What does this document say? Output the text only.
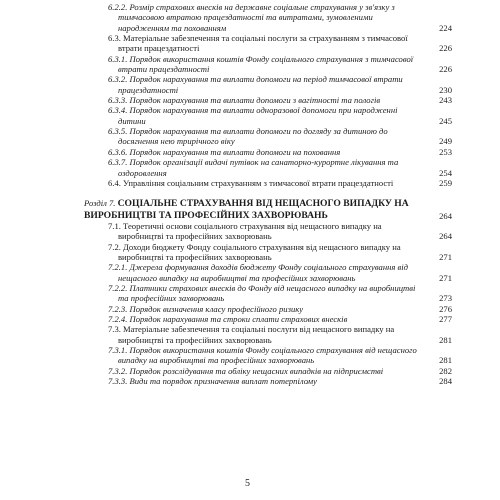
6.2.2. Розмір страхових внесків на державне соціальне страхування у зв'язку з тимчасовою втратою працездатності та витратами, зумовленими народженням та похованням	224
6.3. Матеріальне забезпечення та соціальні послуги за страхуванням з тимчасової втрати працездатності	226
6.3.1. Порядок використання коштів Фонду соціального страхування з тимчасової втрати працездатності	226
6.3.2. Порядок нарахування та виплати допомоги на період тимчасової втрати працездатності	230
6.3.3. Порядок нарахування та виплати допомоги з вагітності та пологів	243
6.3.4. Порядок нарахування та виплати одноразової допомоги при народженні дитини	245
6.3.5. Порядок нарахування та виплати допомоги по догляду за дитиною до досягнення нею трирічного віку	249
6.3.6. Порядок нарахування та виплати допомоги на поховання	253
6.3.7. Порядок організації видачі путівок на санаторно-курортне лікування та оздоровлення	254
6.4. Управління соціальним страхуванням з тимчасової втрати працездатності	259
Розділ 7. СОЦІАЛЬНЕ СТРАХУВАННЯ ВІД НЕЩАСНОГО ВИПАДКУ НА ВИРОБНИЦТВІ ТА ПРОФЕСІЙНИХ ЗАХВОРЮВАНЬ	264
7.1. Теоретичні основи соціального страхування від нещасного випадку на виробництві та професійних захворювань	264
7.2. Доходи бюджету Фонду соціального страхування від нещасного випадку на виробництві та професійних захворювань	271
7.2.1. Джерела формування доходів бюджету Фонду соціального страхування від нещасного випадку на виробництві та професійних захворювань	271
7.2.2. Платники страхових внесків до Фонду від нещасного випадку на виробництві та професійних захворювань	273
7.2.3. Порядок визначення класу професійного ризику	276
7.2.4. Порядок нарахування та строки сплати страхових внесків	277
7.3. Матеріальне забезпечення та соціальні послуги від нещасного випадку на виробництві та професійних захворювань	281
7.3.1. Порядок використання коштів Фонду соціального страхування від нещасного випадку на виробництві та професійних захворювань	281
7.3.2. Порядок розслідування та обліку нещасних випадків на підприємстві	282
7.3.3. Види та порядок призначення виплат потерпілому	284
5
